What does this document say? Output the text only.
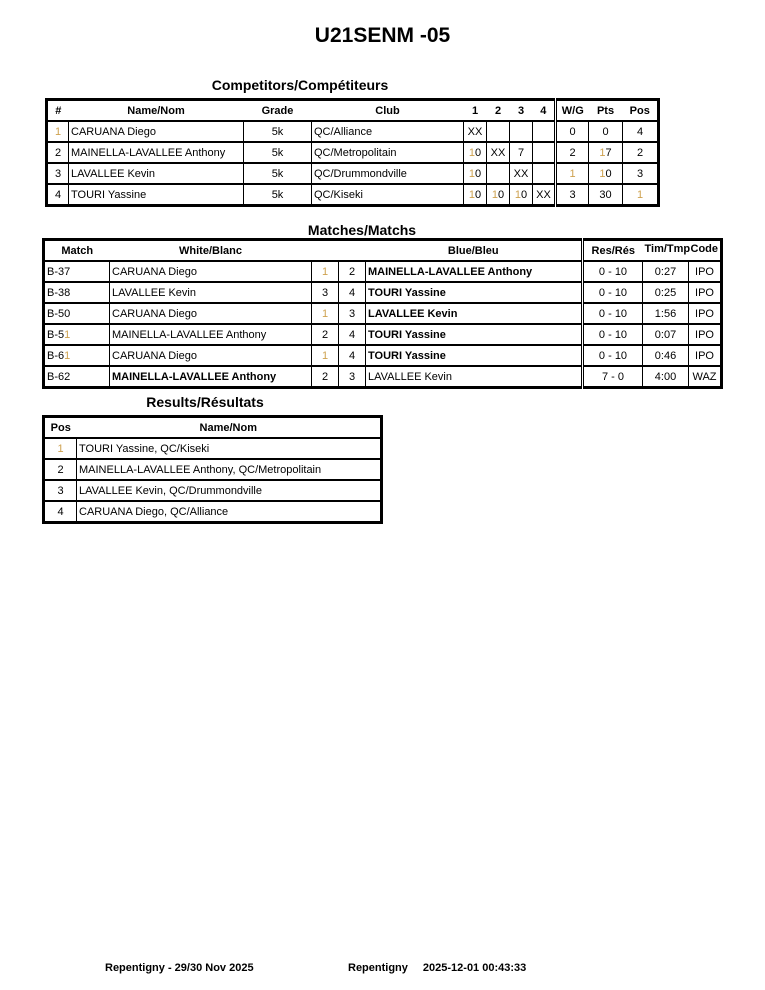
U21SENM -05
Competitors/Compétiteurs
#	Name/Nom	Grade	Club	1	2	3	4	W/G	Pts	Pos
1	CARUANA Diego	5k	QC/Alliance	XX				0	0	4
2	MAINELLA-LAVALLEE Anthony	5k	QC/Metropolitain	10	XX	7		2	17	2
3	LAVALLEE Kevin	5k	QC/Drummondville	10		XX		1	10	3
4	TOURI Yassine	5k	QC/Kiseki	10	10	10	XX	3	30	1
Matches/Matchs
Match	White/Blanc			Blue/Bleu	Res/Rés	Tim/Tmp	Code
B-37	CARUANA Diego	1	2	MAINELLA-LAVALLEE Anthony	0 - 10	0:27	IPO
B-38	LAVALLEE Kevin	3	4	TOURI Yassine	0 - 10	0:25	IPO
B-50	CARUANA Diego	1	3	LAVALLEE Kevin	0 - 10	1:56	IPO
B-51	MAINELLA-LAVALLEE Anthony	2	4	TOURI Yassine	0 - 10	0:07	IPO
B-61	CARUANA Diego	1	4	TOURI Yassine	0 - 10	0:46	IPO
B-62	MAINELLA-LAVALLEE Anthony	2	3	LAVALLEE Kevin	7 - 0	4:00	WAZ
Results/Résultats
Pos	Name/Nom
1	TOURI Yassine, QC/Kiseki
2	MAINELLA-LAVALLEE Anthony, QC/Metropolitain
3	LAVALLEE Kevin, QC/Drummondville
4	CARUANA Diego, QC/Alliance
Repentigny - 29/30 Nov 2025	Repentigny 2025-12-01 00:43:33
